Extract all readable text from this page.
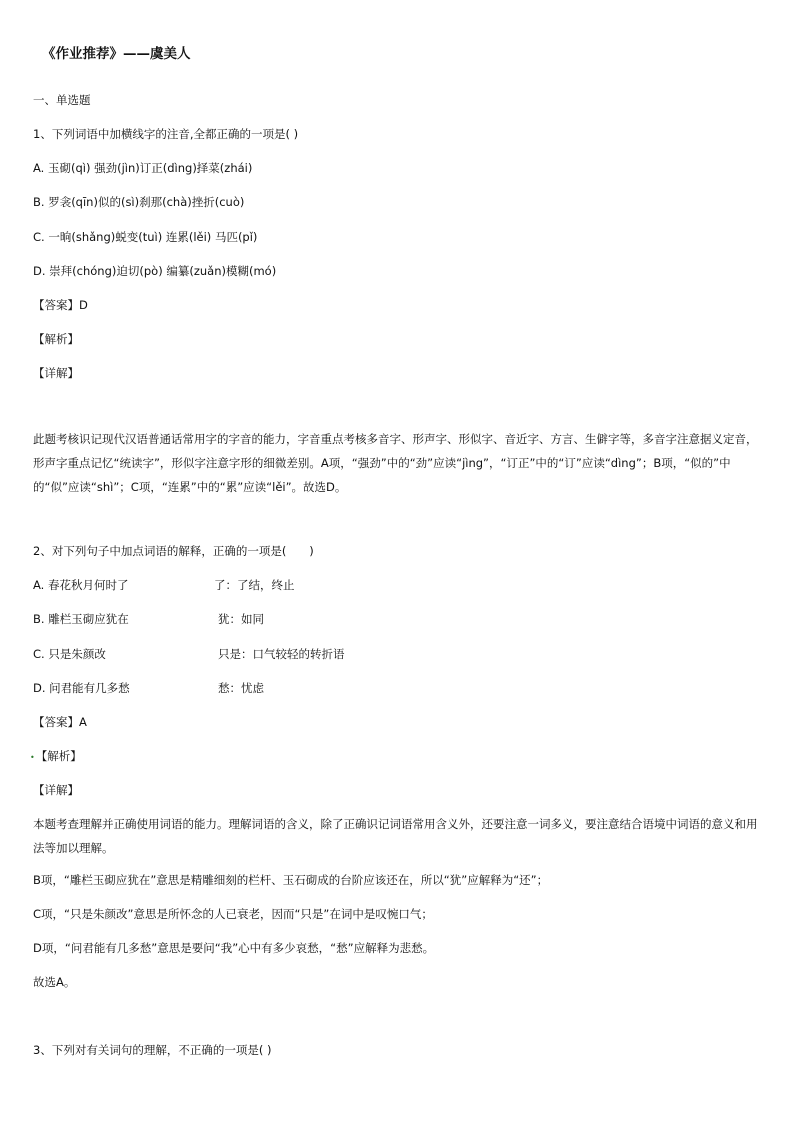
《作业推荐》——虞美人
一、单选题
1、下列词语中加横线字的注音,全都正确的一项是( )
A. 玉砌(qì) 强劲(jìn)订正(dìng)择菜(zhái)
B. 罗衾(qīn)似的(sì)刹那(chà)挫折(cuò)
C. 一晌(shǎng)蜕变(tuì) 连累(lěi) 马匹(pǐ)
D. 崇拜(chóng)迫切(pò) 编纂(zuǎn)模糊(mó)
【答案】D
【解析】
【详解】
此题考核识记现代汉语普通话常用字的字音的能力，字音重点考核多音字、形声字、形似字、音近字、方言、生僻字等，多音字注意据义定音，形声字重点记忆“统读字”，形似字注意字形的细微差别。A项，“强劲”中的“劲”应读“jìng”，“订正”中的“订”应读“dìng”；B项，“似的”中的“似”应读“shì”；C项，“连累”中的“累”应读“lěi”。故选D。
2、对下列句子中加点词语的解释，正确的一项是(　　)
A. 春花秋月何时了	了：了结，终止
B. 雕栏玉砌应犹在	犹：如同
C. 只是朱颜改	只是：口气较轻的转折语
D. 问君能有几多愁	愁：忧虑
【答案】A
•【解析】
【详解】
本题考查理解并正确使用词语的能力。理解词语的含义，除了正确识记词语常用含义外，还要注意一词多义，要注意结合语境中词语的意义和用法等加以理解。
B项，“雕栏玉砌应犹在”意思是精雕细刻的栏杆、玉石砌成的台阶应该还在，所以“犹”应解释为“还”；
C项，“只是朱颜改”意思是所怀念的人已衰老，因而“只是”在词中是叹惋口气；
D项，“问君能有几多愁”意思是要问“我”心中有多少哀愁，“愁”应解释为悲愁。
故选A。
3、下列对有关词句的理解，不正确的一项是( )
